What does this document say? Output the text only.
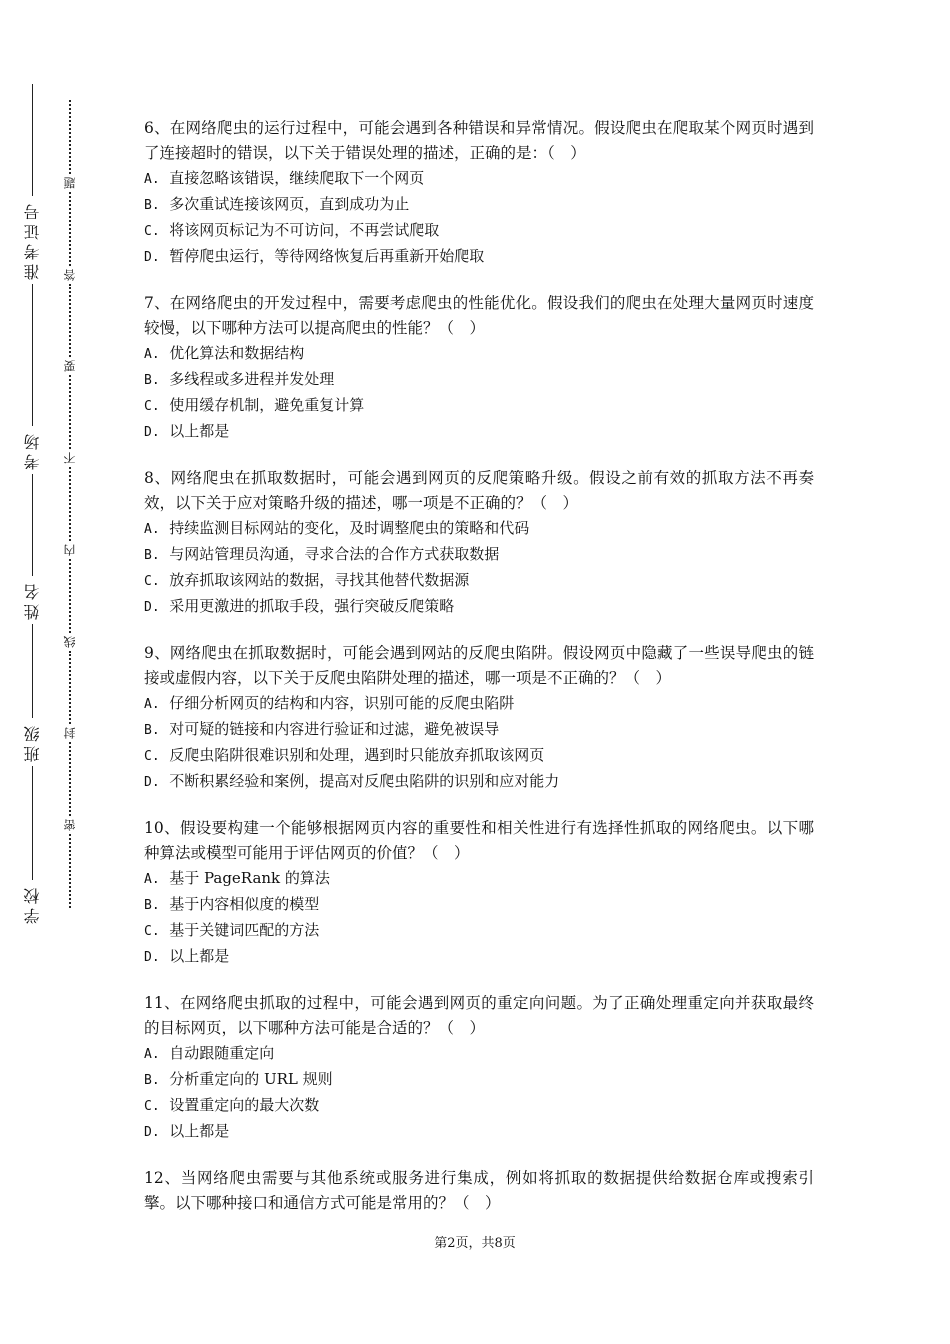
准考证号
考场
姓名
班级
学校
题
答
要
不
内
线
封
密
6、在网络爬虫的运行过程中，可能会遇到各种错误和异常情况。假设爬虫在爬取某个网页时遇到了连接超时的错误，以下关于错误处理的描述，正确的是：（　）
A. 直接忽略该错误，继续爬取下一个网页
B. 多次重试连接该网页，直到成功为止
C. 将该网页标记为不可访问，不再尝试爬取
D. 暂停爬虫运行，等待网络恢复后再重新开始爬取
7、在网络爬虫的开发过程中，需要考虑爬虫的性能优化。假设我们的爬虫在处理大量网页时速度较慢，以下哪种方法可以提高爬虫的性能？（　）
A. 优化算法和数据结构
B. 多线程或多进程并发处理
C. 使用缓存机制，避免重复计算
D. 以上都是
8、网络爬虫在抓取数据时，可能会遇到网页的反爬策略升级。假设之前有效的抓取方法不再奏效，以下关于应对策略升级的描述，哪一项是不正确的？（　）
A. 持续监测目标网站的变化，及时调整爬虫的策略和代码
B. 与网站管理员沟通，寻求合法的合作方式获取数据
C. 放弃抓取该网站的数据，寻找其他替代数据源
D. 采用更激进的抓取手段，强行突破反爬策略
9、网络爬虫在抓取数据时，可能会遇到网站的反爬虫陷阱。假设网页中隐藏了一些误导爬虫的链接或虚假内容，以下关于反爬虫陷阱处理的描述，哪一项是不正确的？（　）
A. 仔细分析网页的结构和内容，识别可能的反爬虫陷阱
B. 对可疑的链接和内容进行验证和过滤，避免被误导
C. 反爬虫陷阱很难识别和处理，遇到时只能放弃抓取该网页
D. 不断积累经验和案例，提高对反爬虫陷阱的识别和应对能力
10、假设要构建一个能够根据网页内容的重要性和相关性进行有选择性抓取的网络爬虫。以下哪种算法或模型可能用于评估网页的价值？（　）
A. 基于 PageRank 的算法
B. 基于内容相似度的模型
C. 基于关键词匹配的方法
D. 以上都是
11、在网络爬虫抓取的过程中，可能会遇到网页的重定向问题。为了正确处理重定向并获取最终的目标网页，以下哪种方法可能是合适的？（　）
A. 自动跟随重定向
B. 分析重定向的 URL 规则
C. 设置重定向的最大次数
D. 以上都是
12、当网络爬虫需要与其他系统或服务进行集成，例如将抓取的数据提供给数据仓库或搜索引擎。以下哪种接口和通信方式可能是常用的？（　）
第2页，共8页
